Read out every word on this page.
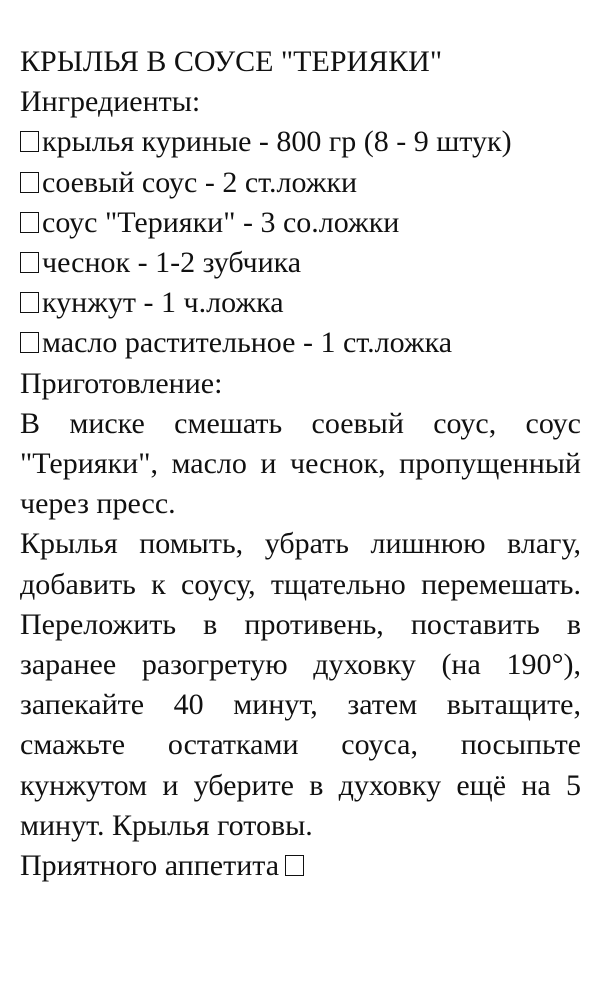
КРЫЛЬЯ В СОУСЕ "ТЕРИЯКИ"
Ингредиенты:
крылья куриные - 800 гр (8 - 9 штук)
соевый соус - 2 ст.ложки
соус "Терияки" - 3 со.ложки
чеснок - 1-2 зубчика
кунжут - 1 ч.ложка
масло растительное - 1 ст.ложка
Приготовление:
В миске смешать соевый соус, соус "Терияки", масло и чеснок, пропущенный через пресс.
Крылья помыть, убрать лишнюю влагу, добавить к соусу, тщательно перемешать. Переложить в противень, поставить в заранее разогретую духовку (на 190°), запекайте 40 минут, затем вытащите, смажьте остатками соуса, посыпьте кунжутом и уберите в духовку ещё на 5 минут. Крылья готовы.
Приятного аппетита
